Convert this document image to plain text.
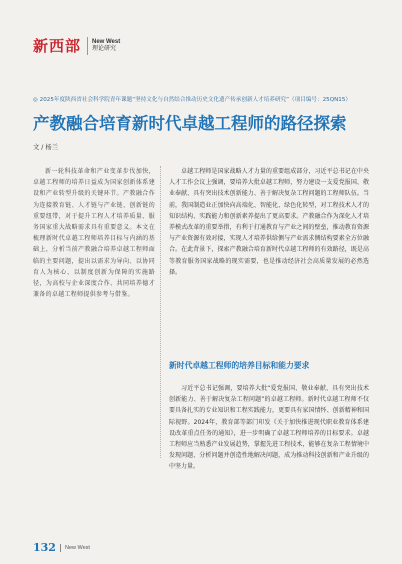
新西部 New West
理论研究
◎ 2025年度陕西省社会科学院青年课题“坚持文化与自然结合推动历史文化遗产传承创新人才培养研究”（项目编号：25QN15）
产教融合培育新时代卓越工程师的路径探索
文 / 杨兰
新一轮科技革命和产业变革步伐加快，卓越工程师的培养日益成为国家创新体系建设和产业转型升级的关键环节。产教融合作为连接教育链、人才链与产业链、创新链的重要纽带，对于提升工程人才培养质量、服务国家重大战略需求具有重要意义。本文在梳理新时代卓越工程师培养目标与内涵的基础上，分析当前产教融合培养卓越工程师面临的主要问题，提出以需求为导向、以协同育人为核心、以制度创新为保障的实施路径，为高校与企业深度合作、共同培养德才兼备的卓越工程师提供参考与借鉴。
卓越工程师是国家战略人才力量的重要组成部分，习近平总书记在中央人才工作会议上强调，要培养大批卓越工程师，努力建设一支爱党报国、敬业奉献、具有突出技术创新能力、善于解决复杂工程问题的工程师队伍。当前，我国制造业正加快向高端化、智能化、绿色化转型，对工程技术人才的知识结构、实践能力和创新素养提出了更高要求。产教融合作为深化人才培养模式改革的重要举措，有利于打通教育与产业之间的壁垒，推动教育资源与产业资源有效对接，实现人才培养供给侧与产业需求侧结构要素全方位融合。在此背景下，探索产教融合培育新时代卓越工程师的有效路径，既是高等教育服务国家战略的现实需要，也是推动经济社会高质量发展的必然选择。
新时代卓越工程师的培养目标和能力要求
习近平总书记强调，要培养大批“爱党报国、敬业奉献、具有突出技术创新能力、善于解决复杂工程问题”的卓越工程师。新时代卓越工程师不仅要具备扎实的专业知识和工程实践能力，更要具有家国情怀、创新精神和国际视野。2024年，教育部等部门印发《关于加快推进现代职业教育体系建设改革重点任务的通知》，进一步明确了卓越工程师培养的目标要求。卓越工程师应当熟悉产业发展趋势，掌握先进工程技术，能够在复杂工程情境中发现问题、分析问题并创造性地解决问题，成为推动科技创新和产业升级的中坚力量。
132 New West
